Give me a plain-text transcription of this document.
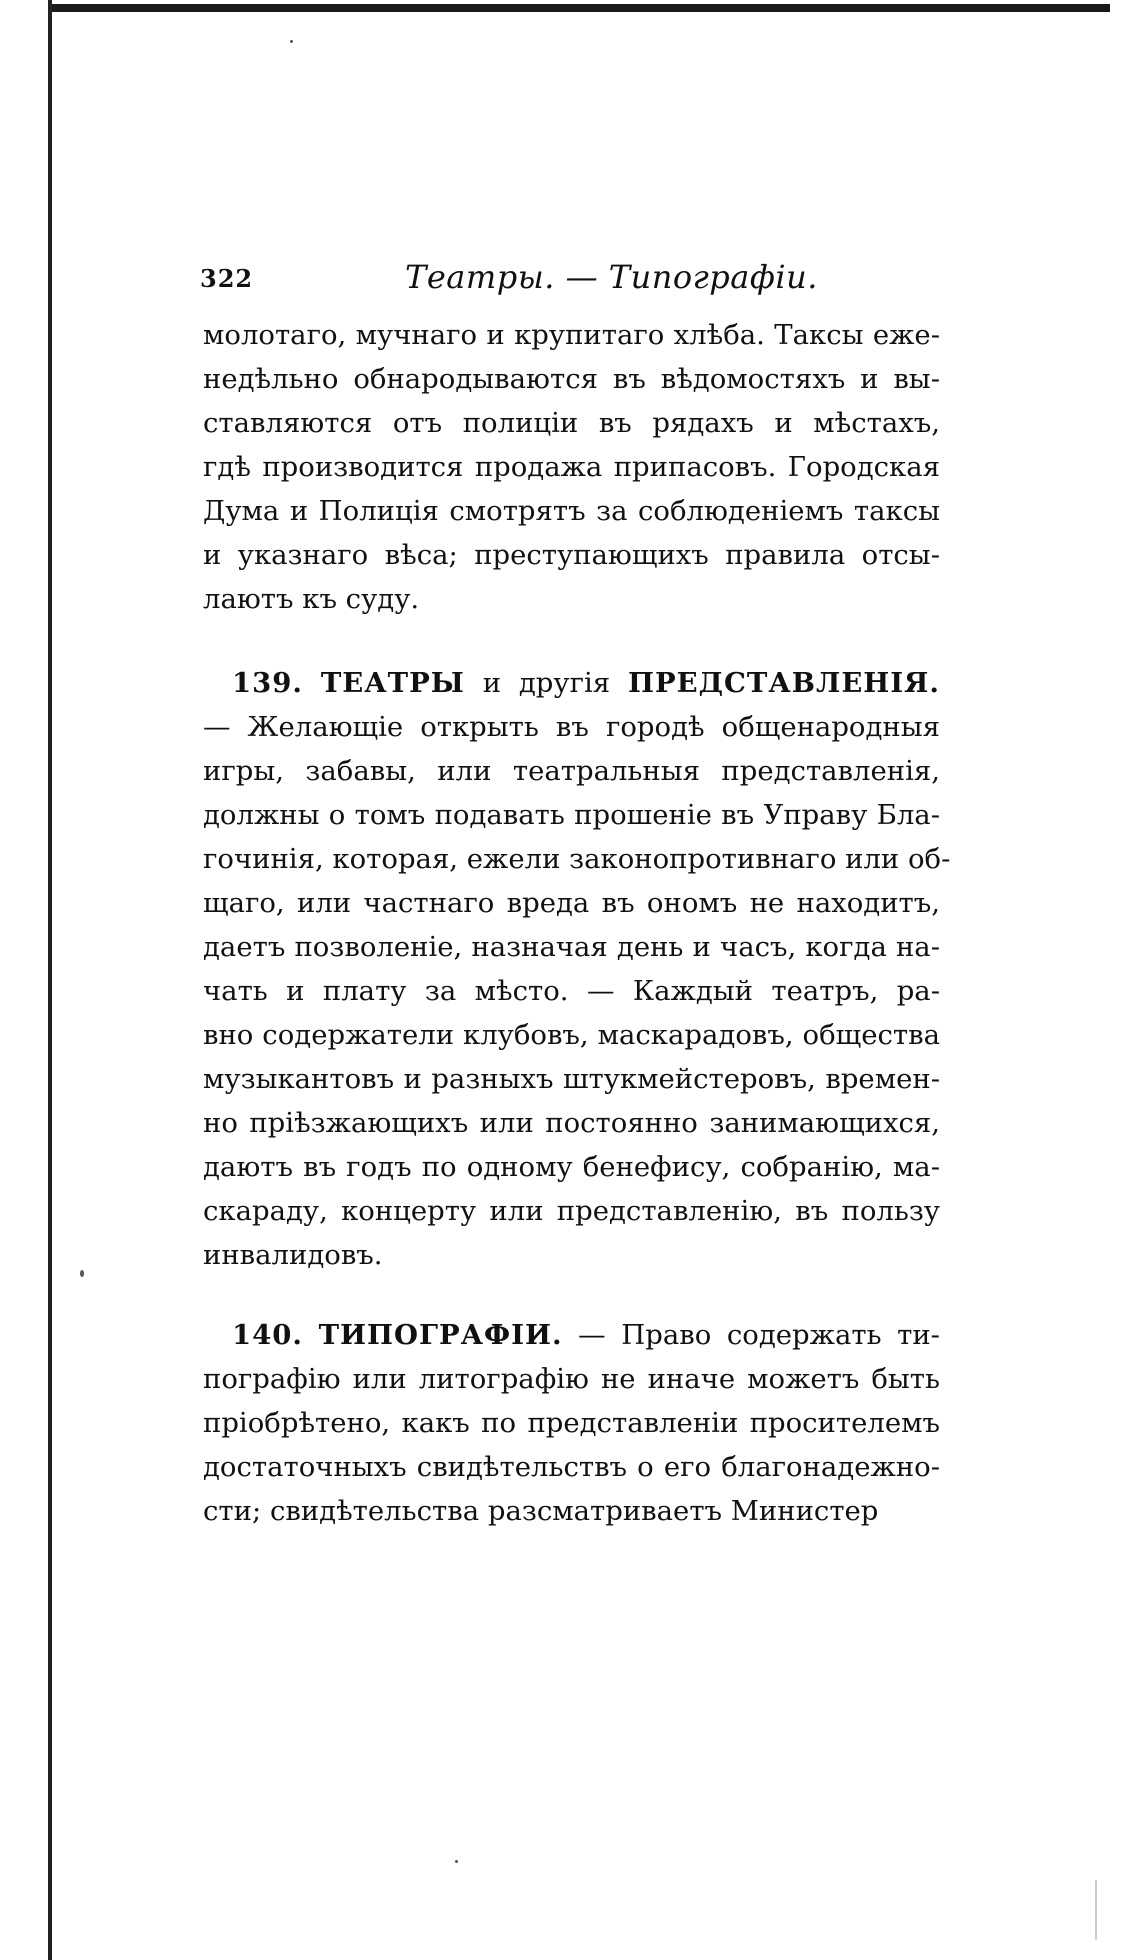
322	Театры. — Типографіи.
молотаго, мучнаго и крупитаго хлѣба. Таксы еже-
недѣльно обнародываются въ вѣдомостяхъ и вы-
ставляются отъ полиціи въ рядахъ и мѣстахъ,
гдѣ производится продажа припасовъ. Городская
Дума и Полиція смотрятъ за соблюденіемъ таксы
и указнаго вѣса; преступающихъ правила отсы-
лаютъ къ суду.
139. ТЕАТРЫ и другія ПРЕДСТАВЛЕНІЯ.
— Желающіе открыть въ городѣ общенародныя
игры, забавы, или театральныя представленія,
должны о томъ подавать прошеніе въ Управу Бла-
гочинія, которая, ежели законопротивнаго или об-
щаго, или частнаго вреда въ ономъ не находитъ,
даетъ позволеніе, назначая день и часъ, когда на-
чать и плату за мѣсто. — Каждый театръ, ра-
вно содержатели клубовъ, маскарадовъ, общества
музыкантовъ и разныхъ штукмейстеровъ, времен-
но пріѣзжающихъ или постоянно занимающихся,
даютъ въ годъ по одному бенефису, собранію, ма-
скараду, концерту или представленію, въ пользу
инвалидовъ.
140. ТИПОГРАФІИ. — Право содержать ти-
пографію или литографію не иначе можетъ быть
пріобрѣтено, какъ по представленіи просителемъ
достаточныхъ свидѣтельствъ о его благонадежно-
сти; свидѣтельства разсматриваетъ Министер
